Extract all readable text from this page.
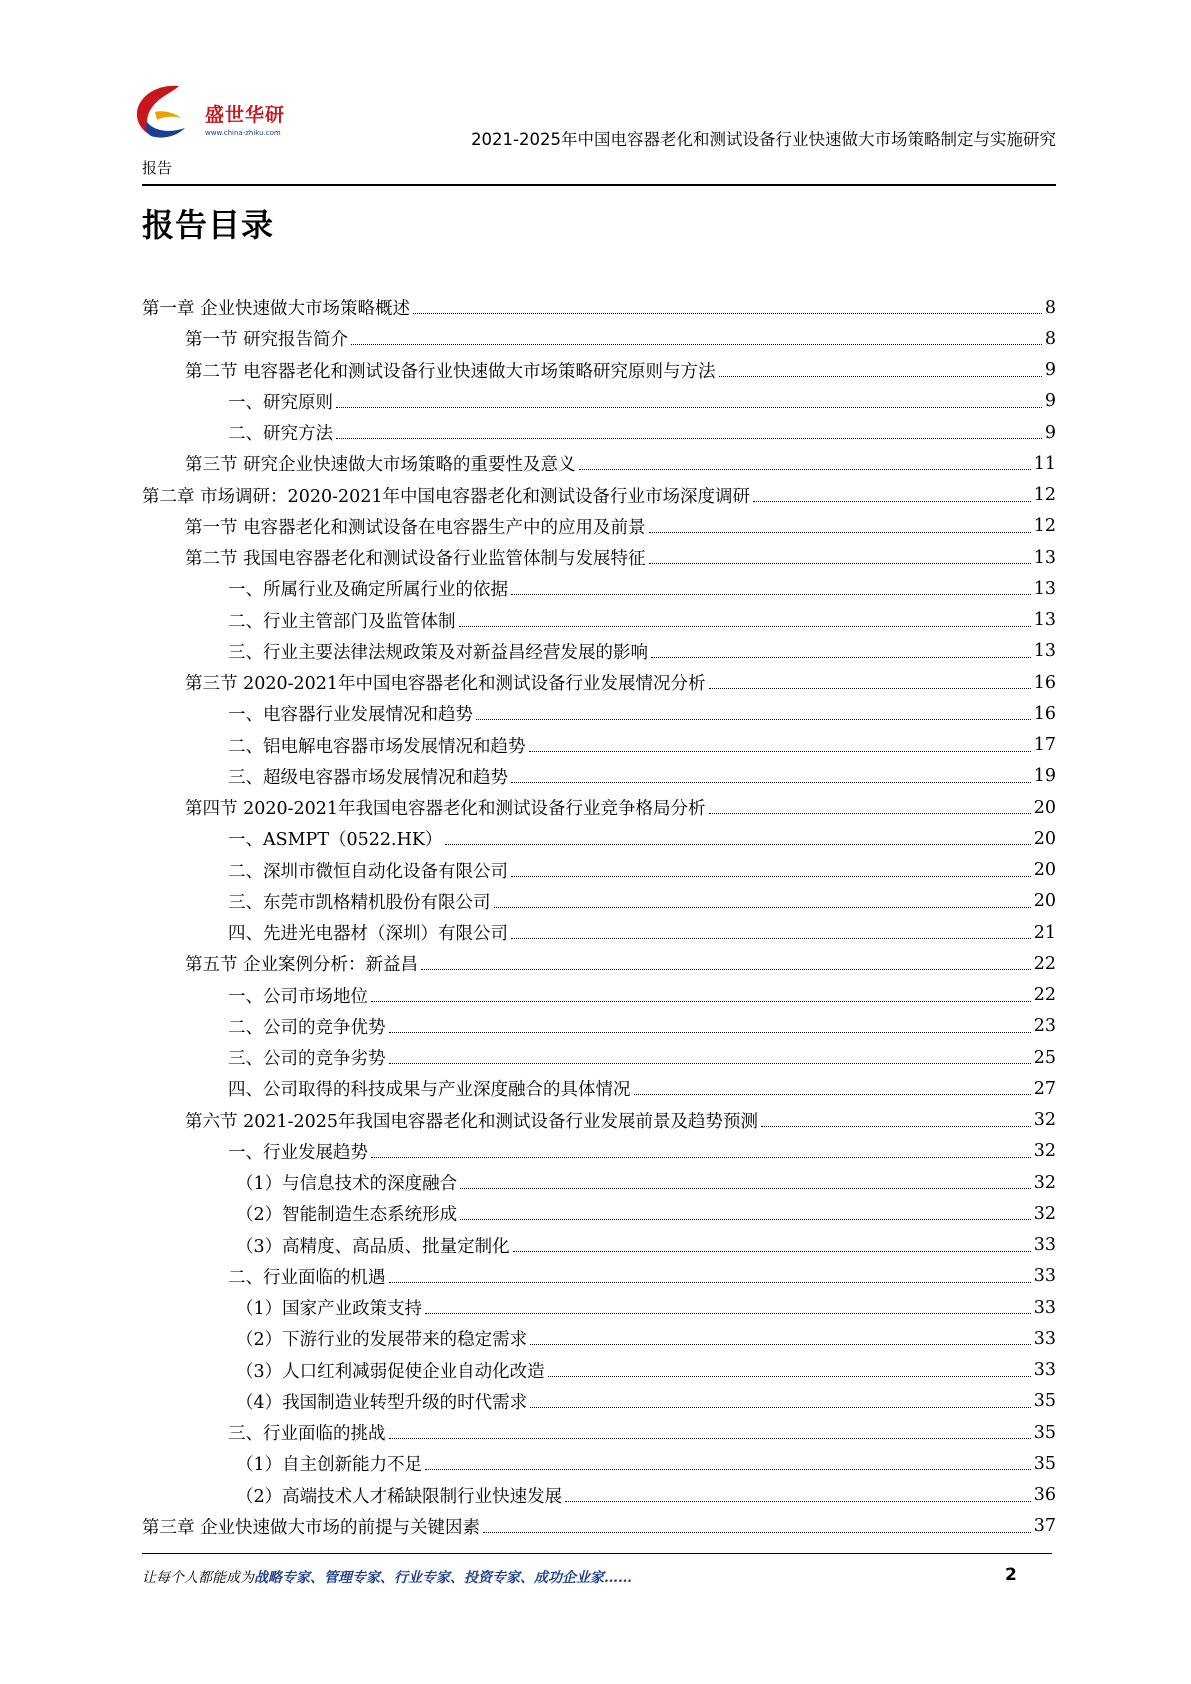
盛世华研
www.china-zhiku.com	2021-2025年中国电容器老化和测试设备行业快速做大市场策略制定与实施研究
报告
报告目录
第一章 企业快速做大市场策略概述	8
第一节 研究报告简介	8
第二节 电容器老化和测试设备行业快速做大市场策略研究原则与方法	9
一、研究原则	9
二、研究方法	9
第三节 研究企业快速做大市场策略的重要性及意义	11
第二章 市场调研：2020-2021年中国电容器老化和测试设备行业市场深度调研	12
第一节 电容器老化和测试设备在电容器生产中的应用及前景	12
第二节 我国电容器老化和测试设备行业监管体制与发展特征	13
一、所属行业及确定所属行业的依据	13
二、行业主管部门及监管体制	13
三、行业主要法律法规政策及对新益昌经营发展的影响	13
第三节 2020-2021年中国电容器老化和测试设备行业发展情况分析	16
一、电容器行业发展情况和趋势	16
二、铝电解电容器市场发展情况和趋势	17
三、超级电容器市场发展情况和趋势	19
第四节 2020-2021年我国电容器老化和测试设备行业竞争格局分析	20
一、ASMPT（0522.HK）	20
二、深圳市微恒自动化设备有限公司	20
三、东莞市凯格精机股份有限公司	20
四、先进光电器材（深圳）有限公司	21
第五节 企业案例分析：新益昌	22
一、公司市场地位	22
二、公司的竞争优势	23
三、公司的竞争劣势	25
四、公司取得的科技成果与产业深度融合的具体情况	27
第六节 2021-2025年我国电容器老化和测试设备行业发展前景及趋势预测	32
一、行业发展趋势	32
（1）与信息技术的深度融合	32
（2）智能制造生态系统形成	32
（3）高精度、高品质、批量定制化	33
二、行业面临的机遇	33
（1）国家产业政策支持	33
（2）下游行业的发展带来的稳定需求	33
（3）人口红利减弱促使企业自动化改造	33
（4）我国制造业转型升级的时代需求	35
三、行业面临的挑战	35
（1）自主创新能力不足	35
（2）高端技术人才稀缺限制行业快速发展	36
第三章 企业快速做大市场的前提与关键因素	37
让每个人都能成为战略专家、管理专家、行业专家、投资专家、成功企业家……	2
